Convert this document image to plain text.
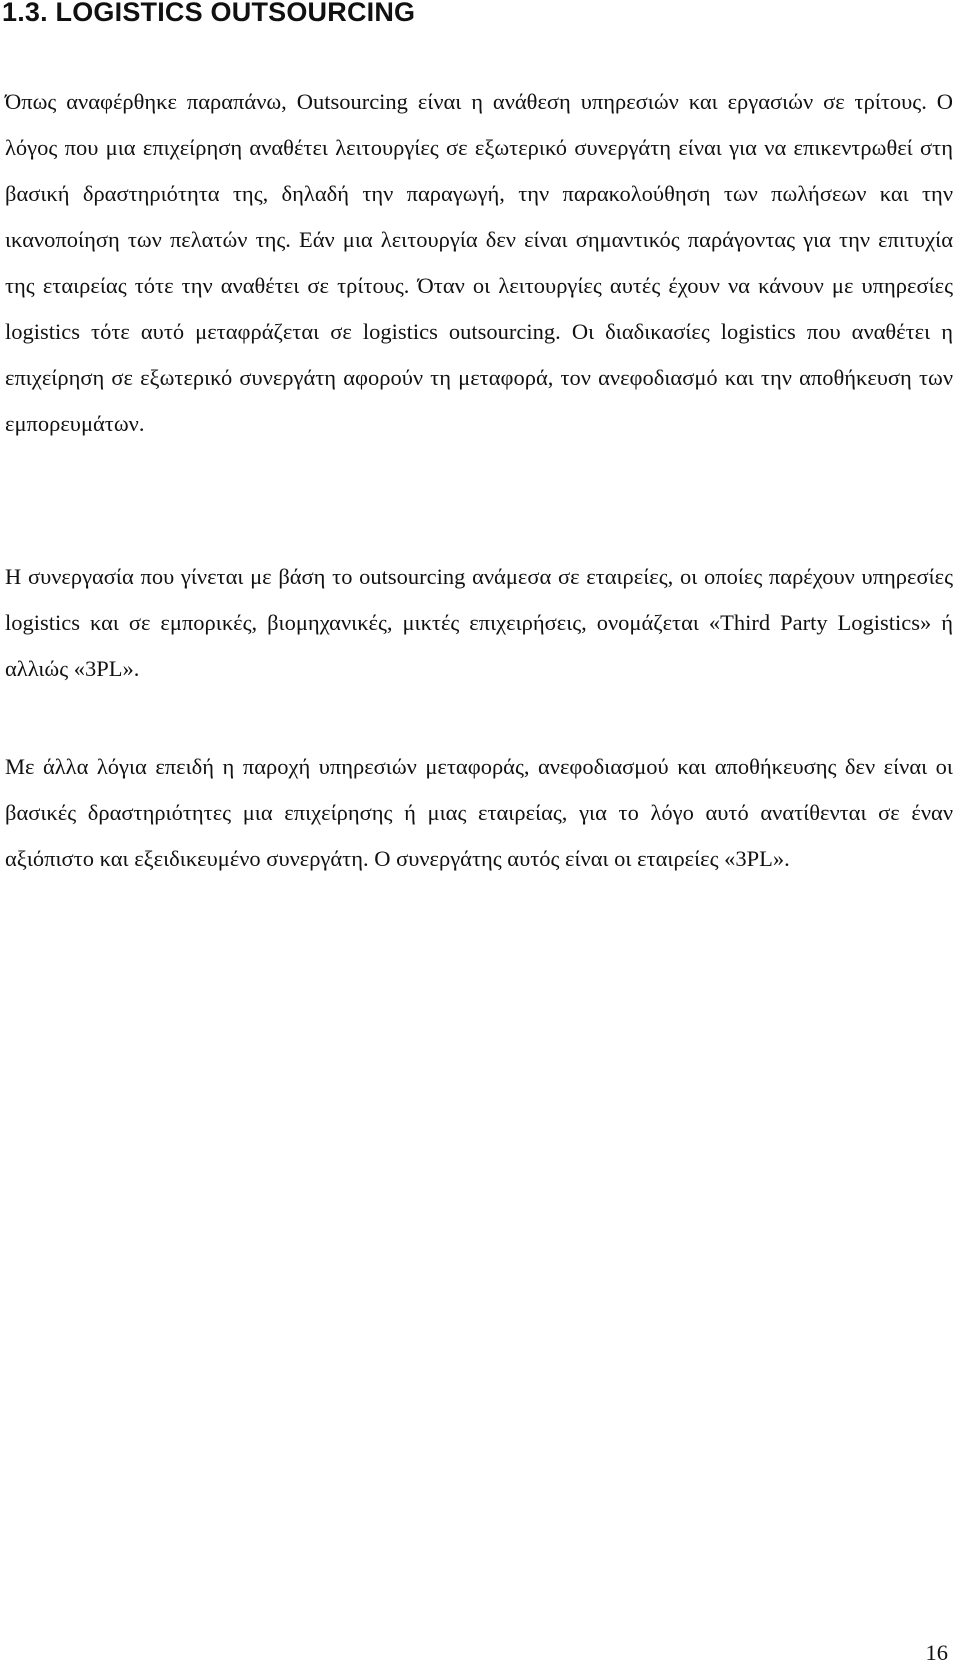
1.3. LOGISTICS OUTSOURCING

Όπως αναφέρθηκε παραπάνω, Outsourcing είναι η ανάθεση υπηρεσιών και εργασιών σε τρίτους. Ο λόγος που μια επιχείρηση αναθέτει λειτουργίες σε εξωτερικό συνεργάτη είναι για να επικεντρωθεί στη βασική δραστηριότητα της, δηλαδή την παραγωγή, την παρακολούθηση των πωλήσεων και την ικανοποίηση των πελατών της. Εάν μια λειτουργία δεν είναι σημαντικός παράγοντας για την επιτυχία της εταιρείας τότε την αναθέτει σε τρίτους. Όταν οι λειτουργίες αυτές έχουν να κάνουν με υπηρεσίες logistics τότε αυτό μεταφράζεται σε logistics outsourcing. Οι διαδικασίες logistics που αναθέτει η επιχείρηση σε εξωτερικό συνεργάτη αφορούν τη μεταφορά, τον ανεφοδιασμό και την αποθήκευση των εμπορευμάτων.

Η συνεργασία που γίνεται με βάση το outsourcing ανάμεσα σε εταιρείες, οι οποίες παρέχουν υπηρεσίες logistics και σε εμπορικές, βιομηχανικές, μικτές επιχειρήσεις, ονομάζεται «Third Party Logistics» ή αλλιώς «3PL».

Με άλλα λόγια επειδή η παροχή υπηρεσιών μεταφοράς, ανεφοδιασμού και αποθήκευσης δεν είναι οι βασικές δραστηριότητες μια επιχείρησης ή μιας εταιρείας, για το λόγο αυτό ανατίθενται σε έναν αξιόπιστο και εξειδικευμένο συνεργάτη. Ο συνεργάτης αυτός είναι οι εταιρείες «3PL».

16
